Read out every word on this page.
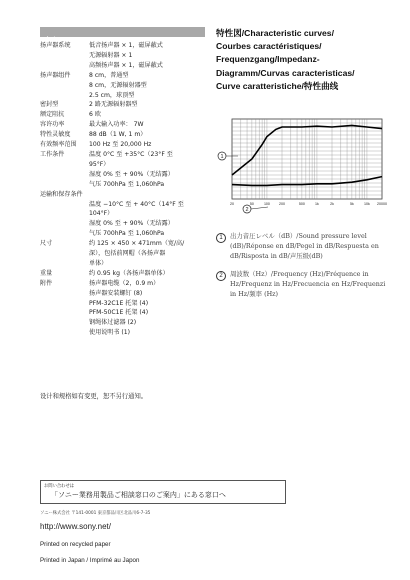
中文
扬声器系统	低音扬声器 × 1，磁屏蔽式
无源辐射器 × 1
高频扬声器 × 1，磁屏蔽式
扬声器组件	8 cm，普通型
8 cm，无源辐射器型
2.5 cm，球顶型
密封型	2 路无源辐射器型
额定阻抗	6 欧
容许功率	最大输入功率： 7W
特性灵敏度	88 dB（1 W, 1 m）
有效频率范围	100 Hz 至 20,000 Hz
工作条件	温度 0°C 至 +35°C（23°F 至
95°F）
湿度 0% 至 + 90%（无结露）
气压 700hPa 至 1,060hPa
运输和保存条件
温度 −10°C 至 + 40°C（14°F 至
104°F）
湿度 0% 至 + 90%（无结露）
气压 700hPa 至 1,060hPa
尺寸	约 125 × 450 × 471mm（宽/高/
深），包括前网帽（各扬声器
单体）
重量	约 0.95 kg（各扬声器单体）
附件	扬声器电缆（2，0.9 m）
扬声器安装螺钉 (8)
PFM-32C1E 托架 (4)
PFM-50C1E 托架 (4)
钢绳体过滤器 (2)
使用说明书 (1)
设计和规格如有变更，恕不另行通知。
特性図/Characteristic curves/
Courbes caractéristiques/
Frequenzgang/Impedanz-
Diagramm/Curvas caracteristicas/
Curve caratteristiche/特性曲线
20	50	100	200	500	1k	2k	5k	10k 20000
1
2
1	出力音圧レベル（dB）/Sound pressure level (dB)/Réponse en dB/Pegel in dB/Respuesta en dB/Risposta in dB/声压级(dB)
2	周波数（Hz）/Frequency (Hz)/Fréquence in Hz/Frequenz in Hz/Frecuencia en Hz/Frequenzi in Hz/频率 (Hz)
お問い合わせは
「ソニー業務用製品ご相談窓口のご案内」にある窓口へ
ソニー株式会社 〒141-0001 東京都品川区北品川6-7-35
http://www.sony.net/
Printed on recycled paper
Printed in Japan / Imprimé au Japon
